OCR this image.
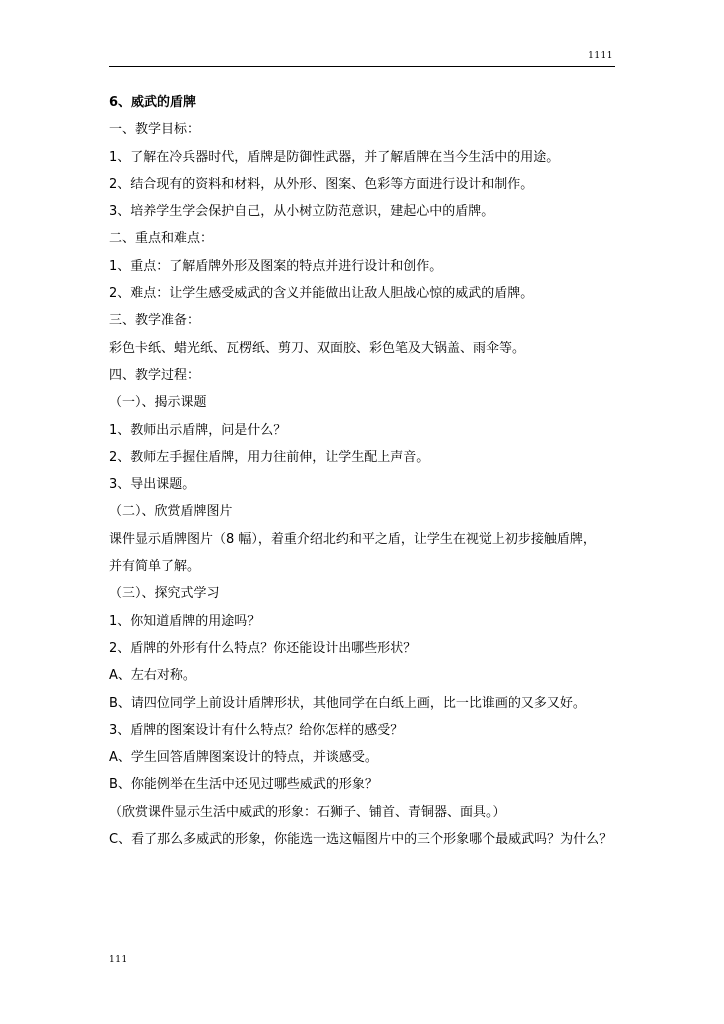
1111
6、威武的盾牌
一、教学目标：
1、了解在冷兵器时代，盾牌是防御性武器，并了解盾牌在当今生活中的用途。
2、结合现有的资料和材料，从外形、图案、色彩等方面进行设计和制作。
3、培养学生学会保护自己，从小树立防范意识，建起心中的盾牌。
二、重点和难点：
1、重点：了解盾牌外形及图案的特点并进行设计和创作。
2、难点：让学生感受威武的含义并能做出让敌人胆战心惊的威武的盾牌。
三、教学准备：
彩色卡纸、蜡光纸、瓦楞纸、剪刀、双面胶、彩色笔及大锅盖、雨伞等。
四、教学过程：
（一）、揭示课题
1、教师出示盾牌，问是什么？
2、教师左手握住盾牌，用力往前伸，让学生配上声音。
3、导出课题。
（二）、欣赏盾牌图片
课件显示盾牌图片（8 幅），着重介绍北约和平之盾，让学生在视觉上初步接触盾牌，
并有简单了解。
（三）、探究式学习
1、你知道盾牌的用途吗？
2、盾牌的外形有什么特点？你还能设计出哪些形状？
A、左右对称。
B、请四位同学上前设计盾牌形状，其他同学在白纸上画，比一比谁画的又多又好。
3、盾牌的图案设计有什么特点？给你怎样的感受？
A、学生回答盾牌图案设计的特点，并谈感受。
B、你能例举在生活中还见过哪些威武的形象？
（欣赏课件显示生活中威武的形象：石狮子、铺首、青铜器、面具。）
C、看了那么多威武的形象，你能选一选这幅图片中的三个形象哪个最威武吗？为什么？
111
